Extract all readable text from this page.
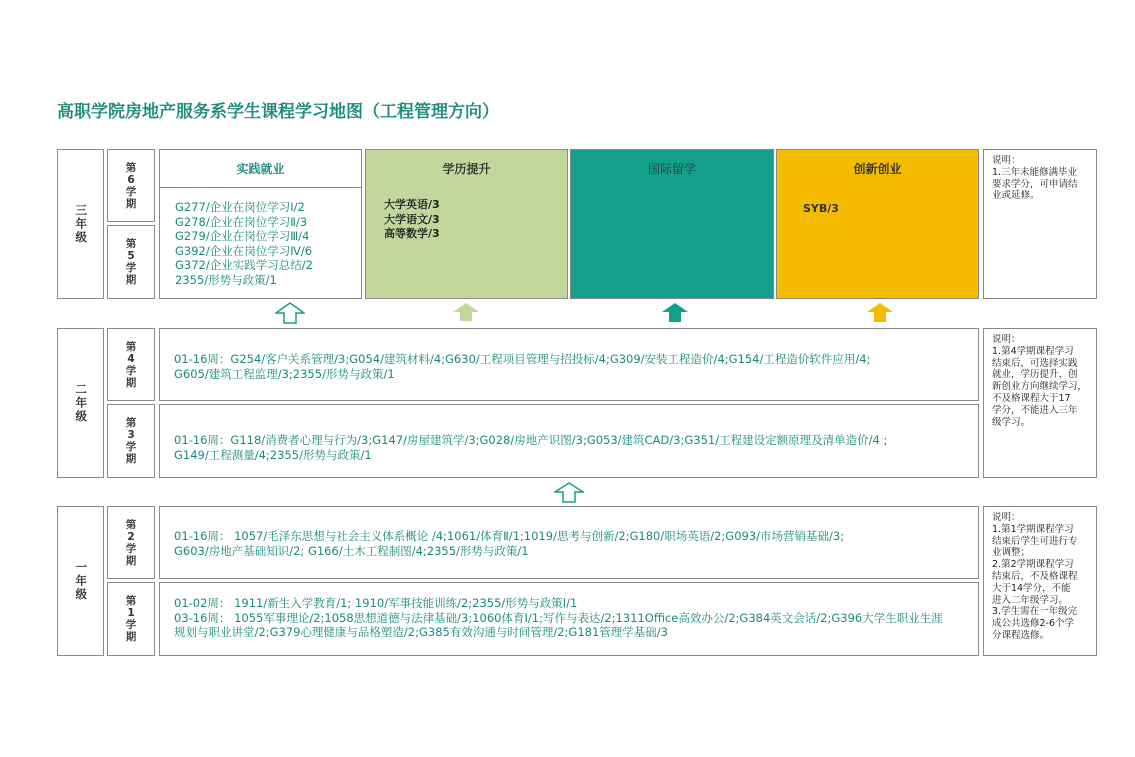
高职学院房地产服务系学生课程学习地图（工程管理方向）
三年级
第
6
学
期
第
5
学
期
实践就业
G277/企业在岗位学习Ⅰ/2
G278/企业在岗位学习Ⅱ/3
G279/企业在岗位学习Ⅲ/4
G392/企业在岗位学习Ⅳ/6
G372/企业实践学习总结/2
2355/形势与政策/1
学历提升
大学英语/3
大学语文/3
高等数学/3
国际留学	创新创业
SYB/3
说明：
1.三年未能修满毕业
要求学分，可申请结
业或延修。
二年级
第
4
学
期
第
3
学
期
01-16周：G254/客户关系管理/3;G054/建筑材料/4;G630/工程项目管理与招投标/4;G309/安装工程造价/4;G154/工程造价软件应用/4;
G605/建筑工程监理/3;2355/形势与政策/1
01-16周：G118/消费者心理与行为/3;G147/房屋建筑学/3;G028/房地产识图/3;G053/建筑CAD/3;G351/工程建设定额原理及清单造价/4 ;
G149/工程测量/4;2355/形势与政策/1
说明：
1.第4学期课程学习
结束后，可选择实践
就业，学历提升，创
新创业方向继续学习，
不及格课程大于17
学分，不能进入三年
级学习。
一年级
第
2
学
期
第
1
学
期
01-16周： 1057/毛泽东思想与社会主义体系概论 /4;1061/体育Ⅱ/1;1019/思考与创新/2;G180/职场英语/2;G093/市场营销基础/3;
G603/房地产基础知识/2; G166/土木工程制图/4;2355/形势与政策/1
01-02周： 1911/新生入学教育/1; 1910/军事技能训练/2;2355/形势与政策Ⅰ/1
03-16周： 1055军事理论/2;1058思想道德与法律基础/3;1060体育Ⅰ/1;写作与表达/2;1311Office高效办公/2;G384英文会话/2;G396大学生职业生涯
规划与职业讲堂/2;G379心理健康与品格塑造/2;G385有效沟通与时间管理/2;G181管理学基础/3
说明：
1.第1学期课程学习
结束后学生可进行专
业调整；
2.第2学期课程学习
结束后，不及格课程
大于14学分，不能
进入二年级学习。
3.学生需在一年级完
成公共选修2-6个学
分课程选修。
